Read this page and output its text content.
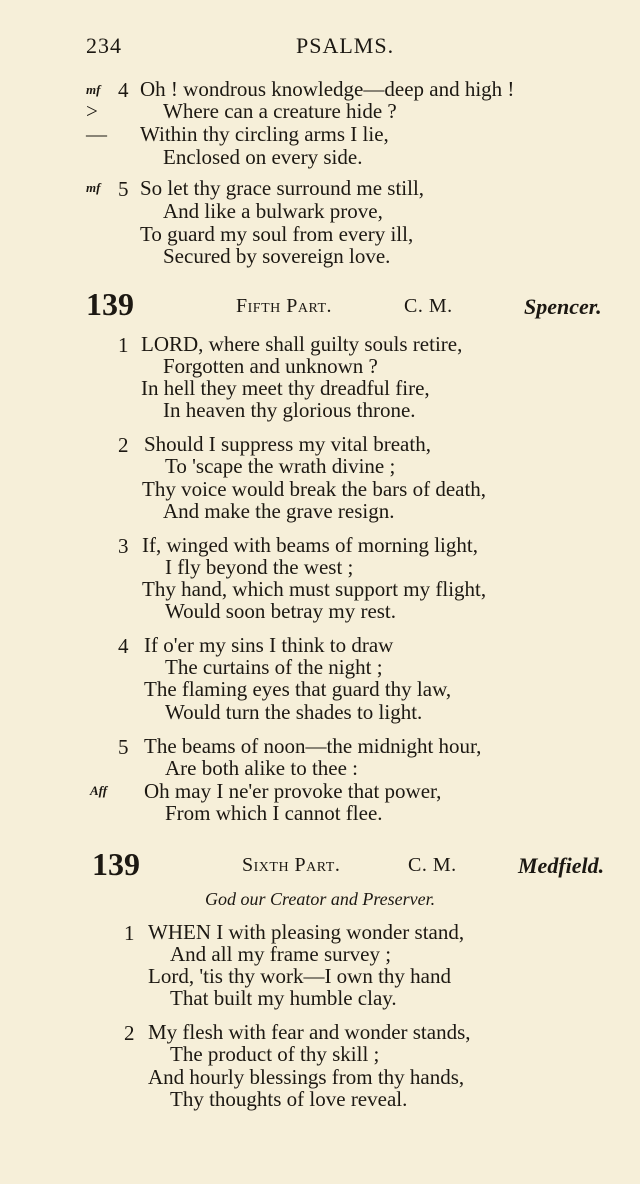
234	PSALMS.
mf 4 Oh ! wondrous knowledge—deep and high !
>	Where can a creature hide ?
— Within thy circling arms I lie,
Enclosed on every side.
mf 5 So let thy grace surround me still,
And like a bulwark prove,
To guard my soul from every ill,
Secured by sovereign love.
139	Fifth Part.	C. M.	Spencer.
1 LORD, where shall guilty souls retire,
Forgotten and unknown ?
In hell they meet thy dreadful fire,
In heaven thy glorious throne.
2 Should I suppress my vital breath,
To 'scape the wrath divine ;
Thy voice would break the bars of death,
And make the grave resign.
3 If, winged with beams of morning light,
I fly beyond the west ;
Thy hand, which must support my flight,
Would soon betray my rest.
4 If o'er my sins I think to draw
The curtains of the night ;
The flaming eyes that guard thy law,
Would turn the shades to light.
5 The beams of noon—the midnight hour,
Are both alike to thee :
Aff Oh may I ne'er provoke that power,
From which I cannot flee.
139	Sixth Part.	C. M.	Medfield.
God our Creator and Preserver.
1 WHEN I with pleasing wonder stand,
And all my frame survey ;
Lord, 'tis thy work—I own thy hand
That built my humble clay.
2 My flesh with fear and wonder stands,
The product of thy skill ;
And hourly blessings from thy hands,
Thy thoughts of love reveal.
